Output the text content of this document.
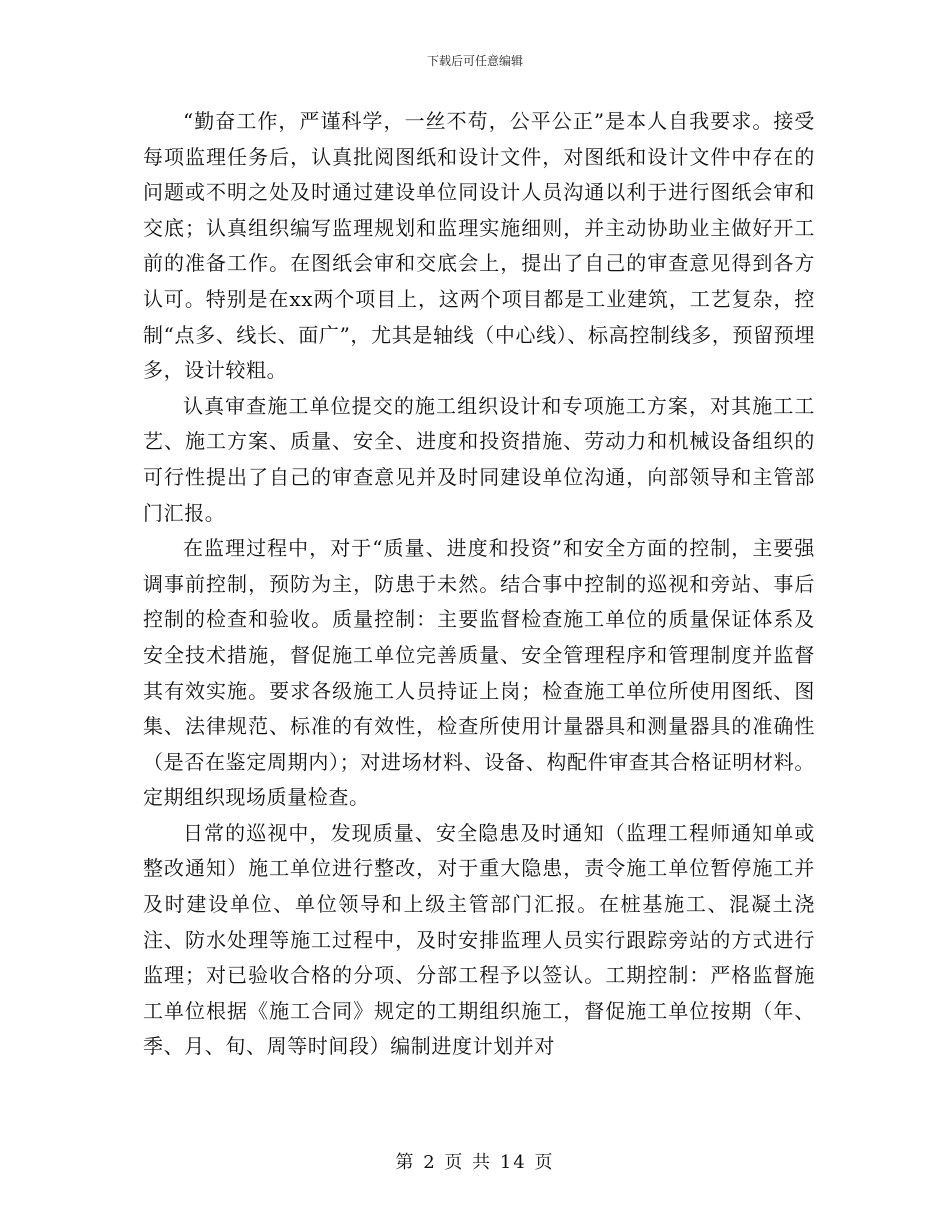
下载后可任意编辑

“勤奋工作，严谨科学，一丝不苟，公平公正”是本人自我要求。接受每项监理任务后，认真批阅图纸和设计文件，对图纸和设计文件中存在的问题或不明之处及时通过建设单位同设计人员沟通以利于进行图纸会审和交底；认真组织编写监理规划和监理实施细则，并主动协助业主做好开工前的准备工作。在图纸会审和交底会上，提出了自己的审查意见得到各方认可。特别是在xx两个项目上，这两个项目都是工业建筑，工艺复杂，控制“点多、线长、面广”，尤其是轴线（中心线）、标高控制线多，预留预埋多，设计较粗。

认真审查施工单位提交的施工组织设计和专项施工方案，对其施工工艺、施工方案、质量、安全、进度和投资措施、劳动力和机械设备组织的可行性提出了自己的审查意见并及时同建设单位沟通，向部领导和主管部门汇报。

在监理过程中，对于“质量、进度和投资”和安全方面的控制，主要强调事前控制，预防为主，防患于未然。结合事中控制的巡视和旁站、事后控制的检查和验收。质量控制：主要监督检查施工单位的质量保证体系及安全技术措施，督促施工单位完善质量、安全管理程序和管理制度并监督其有效实施。要求各级施工人员持证上岗；检查施工单位所使用图纸、图集、法律规范、标准的有效性，检查所使用计量器具和测量器具的准确性（是否在鉴定周期内）；对进场材料、设备、构配件审查其合格证明材料。定期组织现场质量检查。

日常的巡视中，发现质量、安全隐患及时通知（监理工程师通知单或整改通知）施工单位进行整改，对于重大隐患，责令施工单位暂停施工并及时建设单位、单位领导和上级主管部门汇报。在桩基施工、混凝土浇注、防水处理等施工过程中，及时安排监理人员实行跟踪旁站的方式进行监理；对已验收合格的分项、分部工程予以签认。工期控制：严格监督施工单位根据《施工合同》规定的工期组织施工，督促施工单位按期（年、季、月、旬、周等时间段）编制进度计划并对

第 2 页 共 14 页
